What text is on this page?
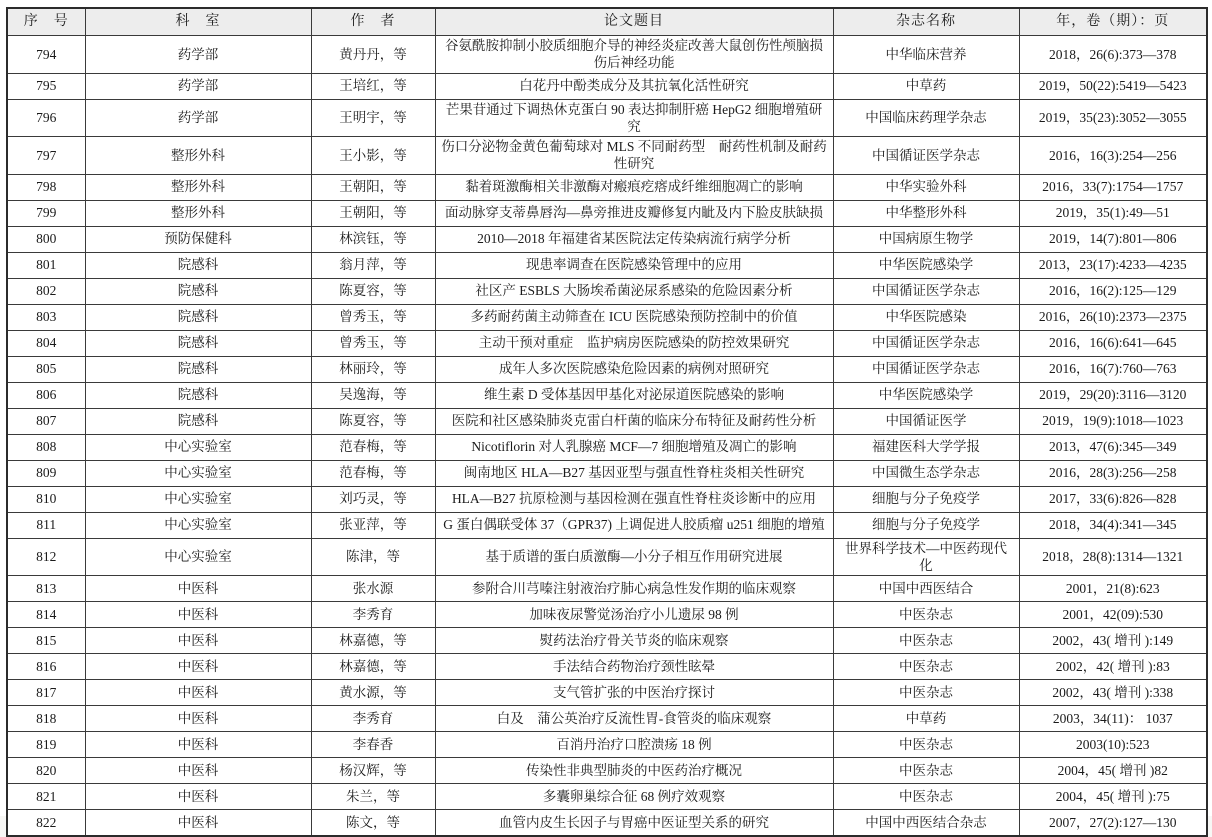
序　号	科　室	作　者	论文题目	杂志名称	年，卷（期）：页
794	药学部	黄丹丹，等	谷氨酰胺抑制小胶质细胞介导的神经炎症改善大鼠创伤性颅脑损伤后神经功能	中华临床营养	2018，26(6):373—378
795	药学部	王培红，等	白花丹中酚类成分及其抗氧化活性研究	中草药	2019，50(22):5419—5423
796	药学部	王明宇，等	芒果苷通过下调热休克蛋白 90 表达抑制肝癌 HepG2 细胞增殖研究	中国临床药理学杂志	2019，35(23):3052—3055
797	整形外科	王小影，等	伤口分泌物金黄色葡萄球对 MLS 不同耐药型　耐药性机制及耐药性研究	中国循证医学杂志	2016，16(3):254—256
798	整形外科	王朝阳，等	黏着斑激酶相关非激酶对瘢痕疙瘩成纤维细胞凋亡的影响	中华实验外科	2016，33(7):1754—1757
799	整形外科	王朝阳，等	面动脉穿支蒂鼻唇沟—鼻旁推进皮瓣修复内眦及内下脸皮肤缺损	中华整形外科	2019，35(1):49—51
800	预防保健科	林滨钰，等	2010—2018 年福建省某医院法定传染病流行病学分析	中国病原生物学	2019，14(7):801—806
801	院感科	翁月萍，等	现患率调查在医院感染管理中的应用	中华医院感染学	2013，23(17):4233—4235
802	院感科	陈夏容，等	社区产 ESBLS 大肠埃希菌泌尿系感染的危险因素分析	中国循证医学杂志	2016，16(2):125—129
803	院感科	曾秀玉，等	多药耐药菌主动筛查在 ICU 医院感染预防控制中的价值	中华医院感染	2016，26(10):2373—2375
804	院感科	曾秀玉，等	主动干预对重症　监护病房医院感染的防控效果研究	中国循证医学杂志	2016，16(6):641—645
805	院感科	林丽玲，等	成年人多次医院感染危险因素的病例对照研究	中国循证医学杂志	2016，16(7):760—763
806	院感科	吴逸海，等	维生素 D 受体基因甲基化对泌尿道医院感染的影响	中华医院感染学	2019，29(20):3116—3120
807	院感科	陈夏容，等	医院和社区感染肺炎克雷白杆菌的临床分布特征及耐药性分析	中国循证医学	2019，19(9):1018—1023
808	中心实验室	范春梅，等	Nicotiflorin 对人乳腺癌 MCF—7 细胞增殖及凋亡的影响	福建医科大学学报	2013，47(6):345—349
809	中心实验室	范春梅，等	闽南地区 HLA—B27 基因亚型与强直性脊柱炎相关性研究	中国微生态学杂志	2016，28(3):256—258
810	中心实验室	刘巧灵，等	HLA—B27 抗原检测与基因检测在强直性脊柱炎诊断中的应用	细胞与分子免疫学	2017，33(6):826—828
811	中心实验室	张亚萍，等	G 蛋白偶联受体 37（GPR37) 上调促进人胶质瘤 u251 细胞的增殖	细胞与分子免疫学	2018，34(4):341—345
812	中心实验室	陈津，等	基于质谱的蛋白质激酶—小分子相互作用研究进展	世界科学技术—中医药现代化	2018，28(8):1314—1321
813	中医科	张水源	参附合川芎嗪注射液治疗肺心病急性发作期的临床观察	中国中西医结合	2001，21(8):623
814	中医科	李秀育	加味夜尿警觉汤治疗小儿遗尿 98 例	中医杂志	2001，42(09):530
815	中医科	林嘉德，等	熨药法治疗骨关节炎的临床观察	中医杂志	2002，43( 增刊 ):149
816	中医科	林嘉德，等	手法结合药物治疗颈性眩晕	中医杂志	2002，42( 增刊 ):83
817	中医科	黄水源，等	支气管扩张的中医治疗探讨	中医杂志	2002，43( 增刊 ):338
818	中医科	李秀育	白及　蒲公英治疗反流性胃-食管炎的临床观察	中草药	2003，34(11)： 1037
819	中医科	李春香	百消丹治疗口腔溃疡 18 例	中医杂志	2003(10):523
820	中医科	杨汉辉，等	传染性非典型肺炎的中医药治疗概况	中医杂志	2004，45( 增刊 )82
821	中医科	朱兰，等	多囊卵巢综合征 68 例疗效观察	中医杂志	2004，45( 增刊 ):75
822	中医科	陈文，等	血管内皮生长因子与胃癌中医证型关系的研究	中国中西医结合杂志	2007，27(2):127—130
